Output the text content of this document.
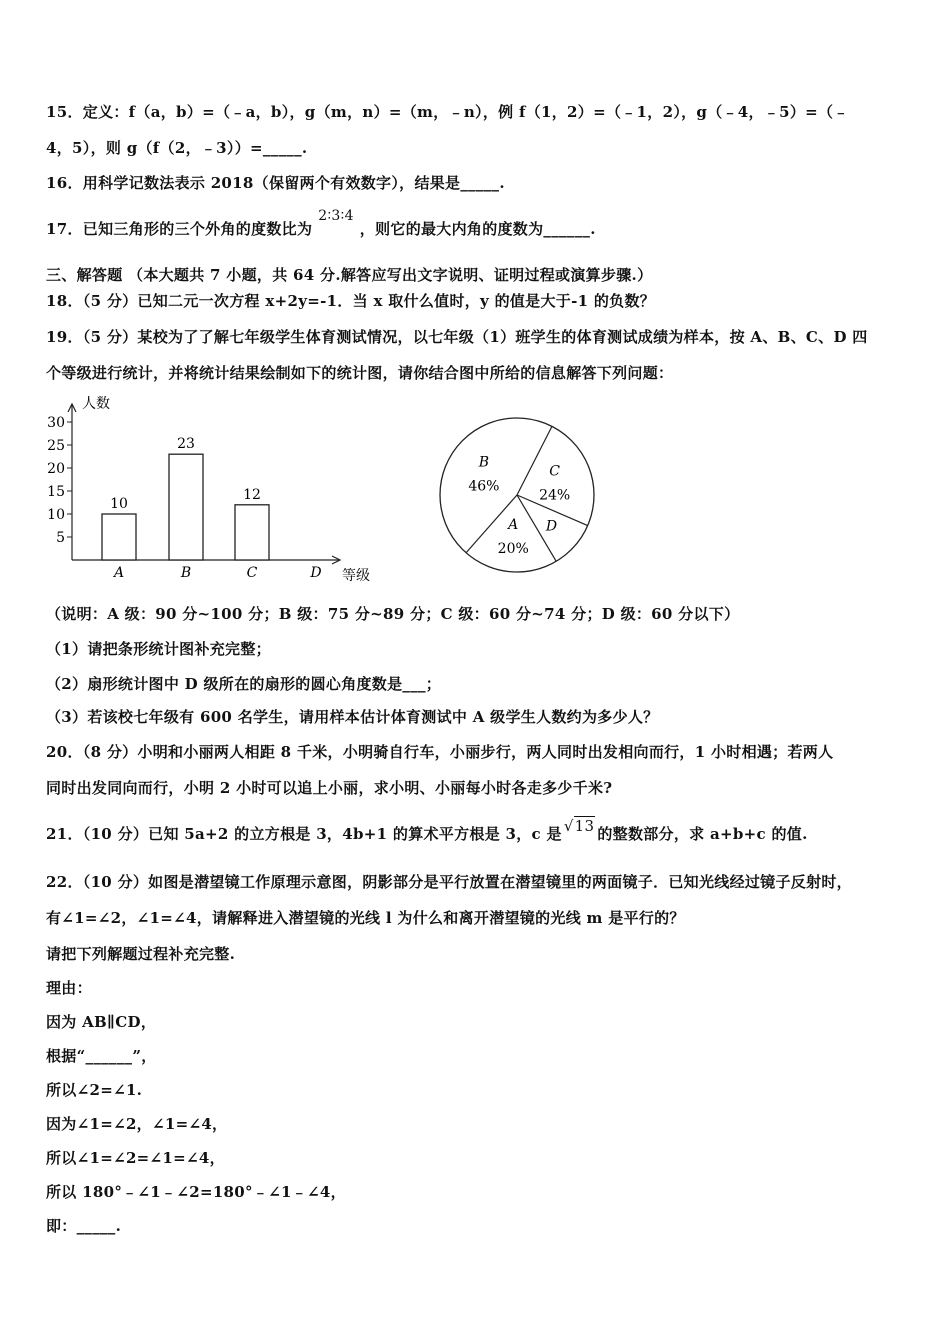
15．定义：f（a，b）=（﹣a，b），g（m，n）=（m，﹣n），例 f（1，2）=（﹣1，2），g（﹣4，﹣5）=（﹣
4，5），则 g（f（2，﹣3））=_____.
16．用科学记数法表示 2018（保留两个有效数字），结果是_____.
17．已知三角形的三个外角的度数比为2∶3∶4，则它的最大内角的度数为______.
三、解答题 （本大题共 7 小题，共 64 分.解答应写出文字说明、证明过程或演算步骤.）
18．（5 分）已知二元一次方程 x+2y=-1．当 x 取什么值时，y 的值是大于-1 的负数？
19．（5 分）某校为了了解七年级学生体育测试情况，以七年级（1）班学生的体育测试成绩为样本，按 A、B、C、D 四
个等级进行统计，并将统计结果绘制如下的统计图，请你结合图中所给的信息解答下列问题：
5
10
15
20
25
30
10
A
23
B
12
C	D
人数
等级
C
24%
D
A
20%
B
46%
（说明：A 级：90 分~100 分；B 级：75 分~89 分；C 级：60 分~74 分；D 级：60 分以下）
（1）请把条形统计图补充完整；
（2）扇形统计图中 D 级所在的扇形的圆心角度数是___；
（3）若该校七年级有 600 名学生，请用样本估计体育测试中 A 级学生人数约为多少人？
20．（8 分）小明和小丽两人相距 8 千米，小明骑自行车，小丽步行，两人同时出发相向而行，1 小时相遇；若两人
同时出发同向而行，小明 2 小时可以追上小丽，求小明、小丽每小时各走多少千米?
21．（10 分）已知 5a+2 的立方根是 3，4b+1 的算术平方根是 3，c 是 √13 的整数部分，求 a+b+c 的值.
22．（10 分）如图是潜望镜工作原理示意图，阴影部分是平行放置在潜望镜里的两面镜子．已知光线经过镜子反射时，
有∠1=∠2，∠1=∠4，请解释进入潜望镜的光线 l 为什么和离开潜望镜的光线 m 是平行的？
请把下列解题过程补充完整.
理由：
因为 AB∥CD，
根据“______”，
所以∠2=∠1.
因为∠1=∠2，∠1=∠4，
所以∠1=∠2=∠1=∠4，
所以 180°﹣∠1﹣∠2=180°﹣∠1﹣∠4，
即：_____.
